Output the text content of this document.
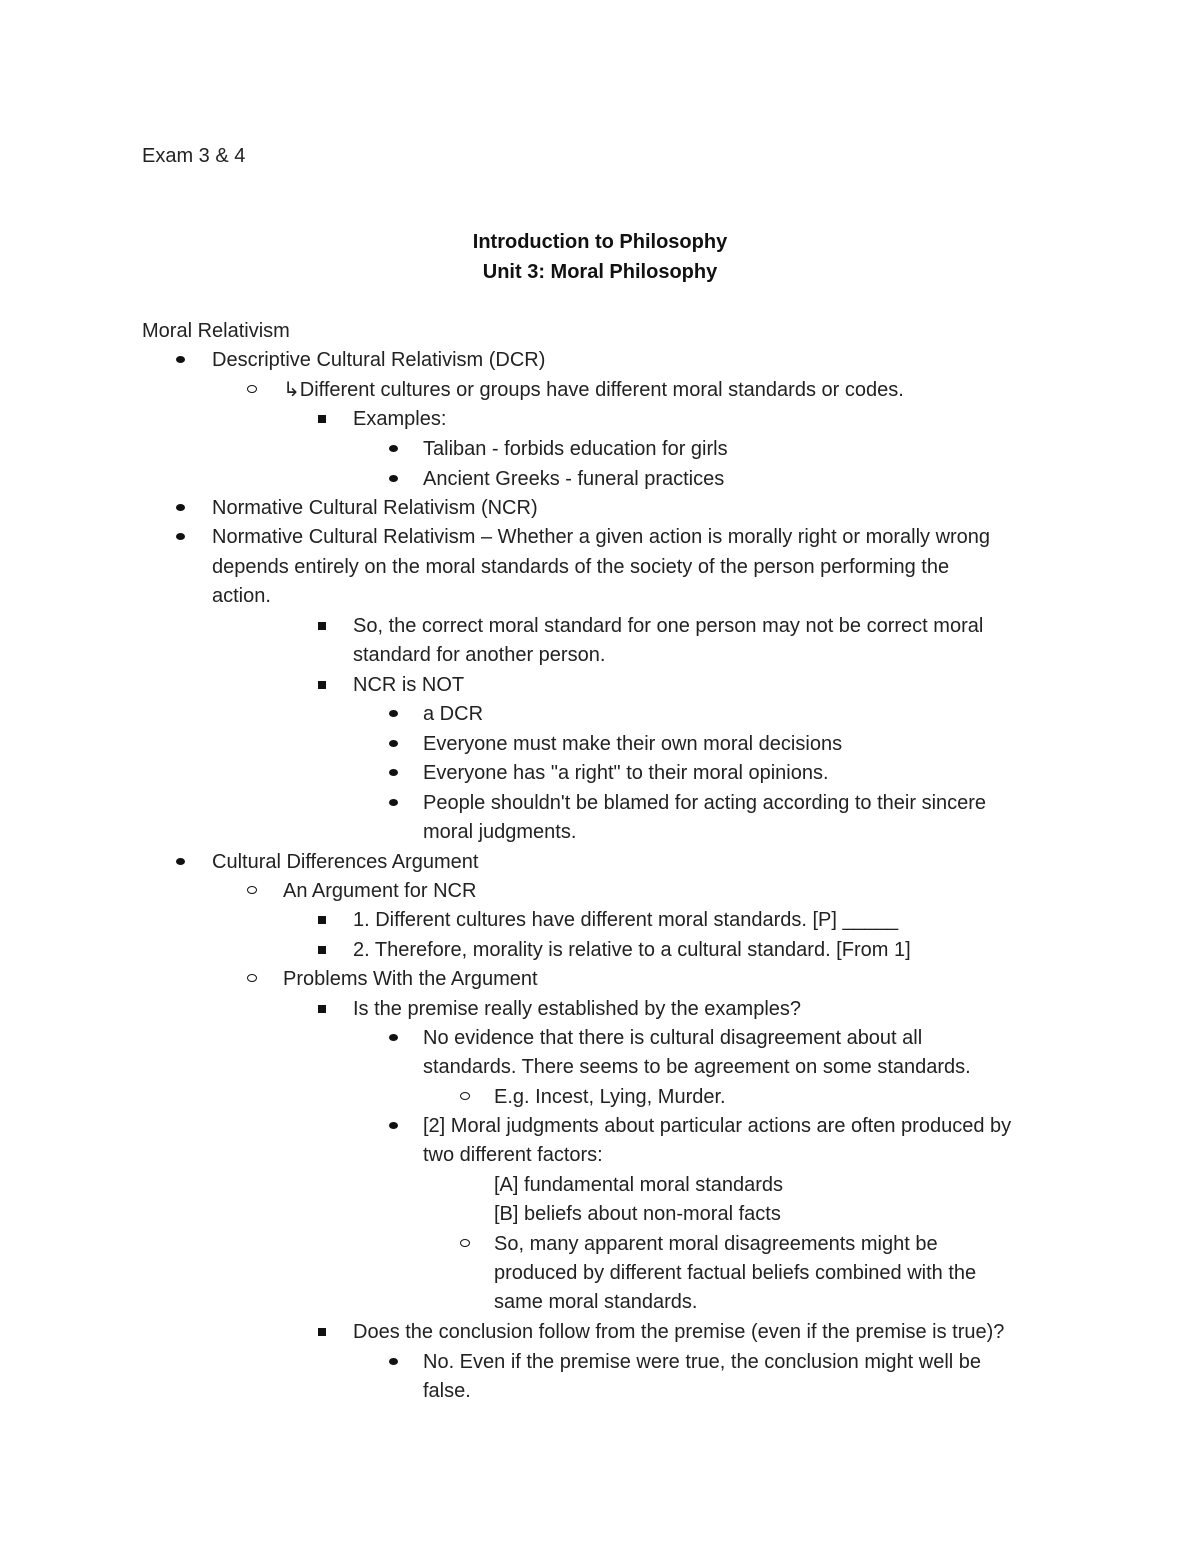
Exam 3 & 4
Introduction to Philosophy
Unit 3: Moral Philosophy
Moral Relativism
Descriptive Cultural Relativism (DCR)
↳Different cultures or groups have different moral standards or codes.
Examples:
Taliban - forbids education for girls
Ancient Greeks - funeral practices
Normative Cultural Relativism (NCR)
Normative Cultural Relativism – Whether a given action is morally right or morally wrong
depends entirely on the moral standards of the society of the person performing the
action.
So, the correct moral standard for one person may not be correct moral
standard for another person.
NCR is NOT
a DCR
Everyone must make their own moral decisions
Everyone has "a right" to their moral opinions.
People shouldn't be blamed for acting according to their sincere
moral judgments.
Cultural Differences Argument
An Argument for NCR
1. Different cultures have different moral standards. [P] _____
2. Therefore, morality is relative to a cultural standard. [From 1]
Problems With the Argument
Is the premise really established by the examples?
No evidence that there is cultural disagreement about all
standards. There seems to be agreement on some standards.
E.g. Incest, Lying, Murder.
[2] Moral judgments about particular actions are often produced by
two different factors:
[A] fundamental moral standards
[B] beliefs about non-moral facts
So, many apparent moral disagreements might be
produced by different factual beliefs combined with the
same moral standards.
Does the conclusion follow from the premise (even if the premise is true)?
No. Even if the premise were true, the conclusion might well be
false.
